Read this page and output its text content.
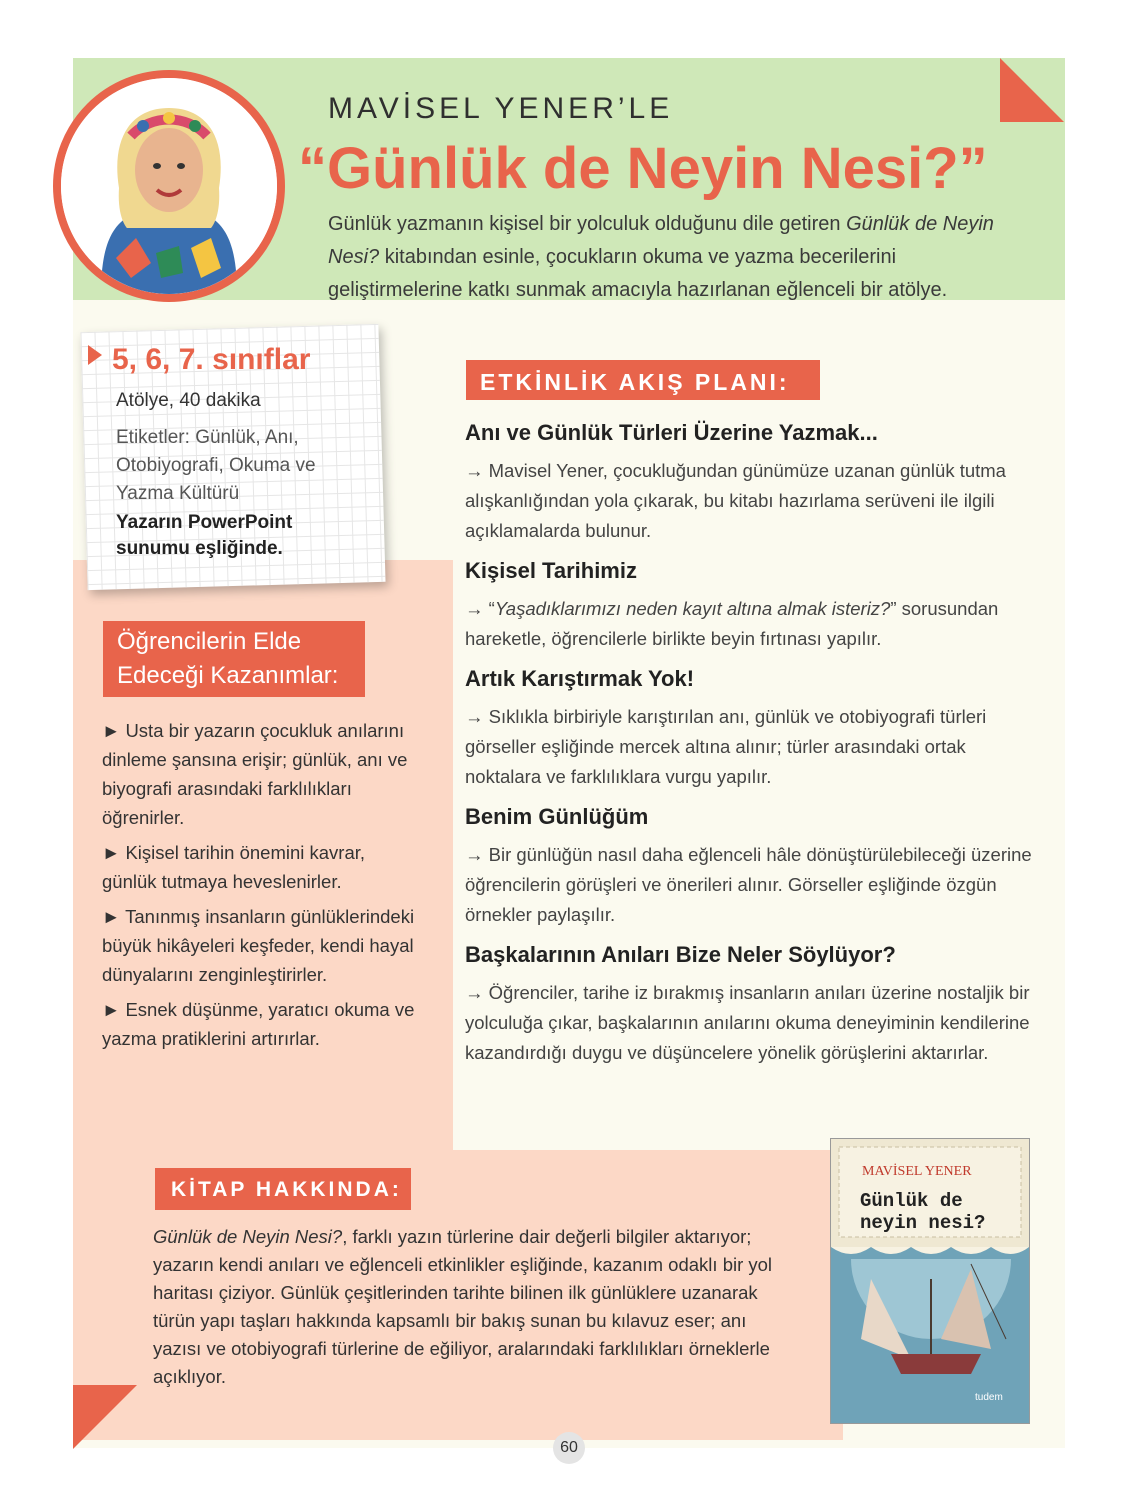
MAVİSEL YENER’LE
“Günlük de Neyin Nesi?”
Günlük yazmanın kişisel bir yolculuk olduğunu dile getiren Günlük de Neyin Nesi? kitabından esinle, çocukların okuma ve yazma becerilerini geliştirmelerine katkı sunmak amacıyla hazırlanan eğlenceli bir atölye.
5, 6, 7. sınıflar
Atölye, 40 dakika
Etiketler: Günlük, Anı, Otobiyografi, Okuma ve Yazma Kültürü
Yazarın PowerPoint sunumu eşliğinde.
Öğrencilerin Elde Edeceği Kazanımlar:

► Usta bir yazarın çocukluk anılarını dinleme şansına erişir; günlük, anı ve biyografi arasındaki farklılıkları öğrenirler.

► Kişisel tarihin önemini kavrar, günlük tutmaya heveslenirler.

► Tanınmış insanların günlüklerindeki büyük hikâyeleri keşfeder, kendi hayal dünyalarını zenginleştirirler.

► Esnek düşünme, yaratıcı okuma ve yazma pratiklerini artırırlar.

ETKİNLİK AKIŞ PLANI:
Anı ve Günlük Türleri Üzerine Yazmak...

→ Mavisel Yener, çocukluğundan günümüze uzanan günlük tutma alışkanlığından yola çıkarak, bu kitabı hazırlama serüveni ile ilgili açıklamalarda bulunur.

Kişisel Tarihimiz

→ “Yaşadıklarımızı neden kayıt altına almak isteriz?” sorusundan hareketle, öğrencilerle birlikte beyin fırtınası yapılır.

Artık Karıştırmak Yok!

→ Sıklıkla birbiriyle karıştırılan anı, günlük ve otobiyografi türleri görseller eşliğinde mercek altına alınır; türler arasındaki ortak noktalara ve farklılıklara vurgu yapılır.

Benim Günlüğüm

→ Bir günlüğün nasıl daha eğlenceli hâle dönüştürülebileceği üzerine öğrencilerin görüşleri ve önerileri alınır. Görseller eşliğinde özgün örnekler paylaşılır.

Başkalarının Anıları Bize Neler Söylüyor?

→ Öğrenciler, tarihe iz bırakmış insanların anıları üzerine nostaljik bir yolculuğa çıkar, başkalarının anılarını okuma deneyiminin kendilerine kazandırdığı duygu ve düşüncelere yönelik görüşlerini aktarırlar.

KİTAP HAKKINDA:
Günlük de Neyin Nesi?, farklı yazın türlerine dair değerli bilgiler aktarıyor; yazarın kendi anıları ve eğlenceli etkinlikler eşliğinde, kazanım odaklı bir yol haritası çiziyor. Günlük çeşitlerinden tarihte bilinen ilk günlüklere uzanarak türün yapı taşları hakkında kapsamlı bir bakış sunan bu kılavuz eser; anı yazısı ve otobiyografi türlerine de eğiliyor, aralarındaki farklılıkları örneklerle açıklıyor.
MAVİSEL YENER
Günlük de neyin nesi?
tudem
60
